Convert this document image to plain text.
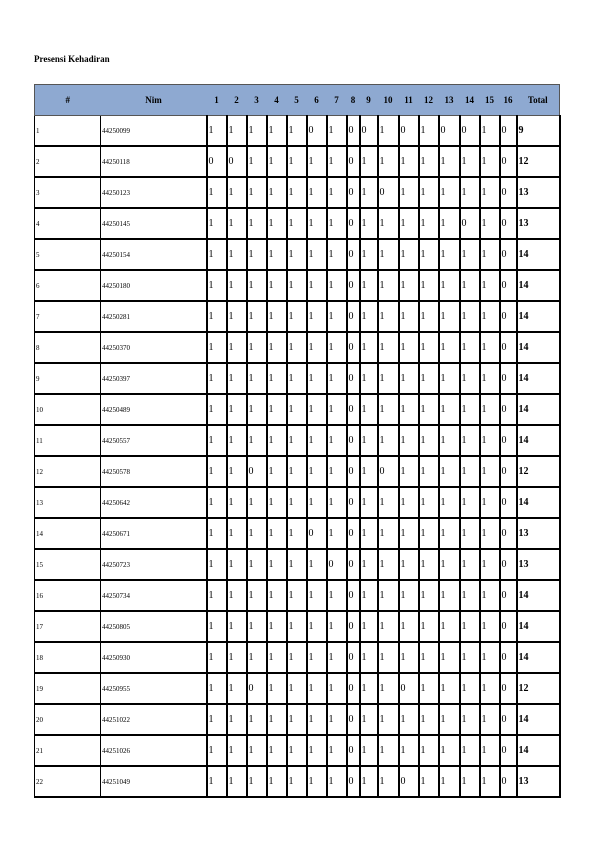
Presensi Kehadiran
#	Nim	1	2	3	4	5	6	7	8	9	10	11	12	13	14	15	16	Total
1	44250099	1	1	1	1	1	0	1	0	0	1	0	1	0	0	1	0	9
2	44250118	0	0	1	1	1	1	1	0	1	1	1	1	1	1	1	0	12
3	44250123	1	1	1	1	1	1	1	0	1	0	1	1	1	1	1	0	13
4	44250145	1	1	1	1	1	1	1	0	1	1	1	1	1	0	1	0	13
5	44250154	1	1	1	1	1	1	1	0	1	1	1	1	1	1	1	0	14
6	44250180	1	1	1	1	1	1	1	0	1	1	1	1	1	1	1	0	14
7	44250281	1	1	1	1	1	1	1	0	1	1	1	1	1	1	1	0	14
8	44250370	1	1	1	1	1	1	1	0	1	1	1	1	1	1	1	0	14
9	44250397	1	1	1	1	1	1	1	0	1	1	1	1	1	1	1	0	14
10	44250489	1	1	1	1	1	1	1	0	1	1	1	1	1	1	1	0	14
11	44250557	1	1	1	1	1	1	1	0	1	1	1	1	1	1	1	0	14
12	44250578	1	1	0	1	1	1	1	0	1	0	1	1	1	1	1	0	12
13	44250642	1	1	1	1	1	1	1	0	1	1	1	1	1	1	1	0	14
14	44250671	1	1	1	1	1	0	1	0	1	1	1	1	1	1	1	0	13
15	44250723	1	1	1	1	1	1	0	0	1	1	1	1	1	1	1	0	13
16	44250734	1	1	1	1	1	1	1	0	1	1	1	1	1	1	1	0	14
17	44250805	1	1	1	1	1	1	1	0	1	1	1	1	1	1	1	0	14
18	44250930	1	1	1	1	1	1	1	0	1	1	1	1	1	1	1	0	14
19	44250955	1	1	0	1	1	1	1	0	1	1	0	1	1	1	1	0	12
20	44251022	1	1	1	1	1	1	1	0	1	1	1	1	1	1	1	0	14
21	44251026	1	1	1	1	1	1	1	0	1	1	1	1	1	1	1	0	14
22	44251049	1	1	1	1	1	1	1	0	1	1	0	1	1	1	1	0	13
